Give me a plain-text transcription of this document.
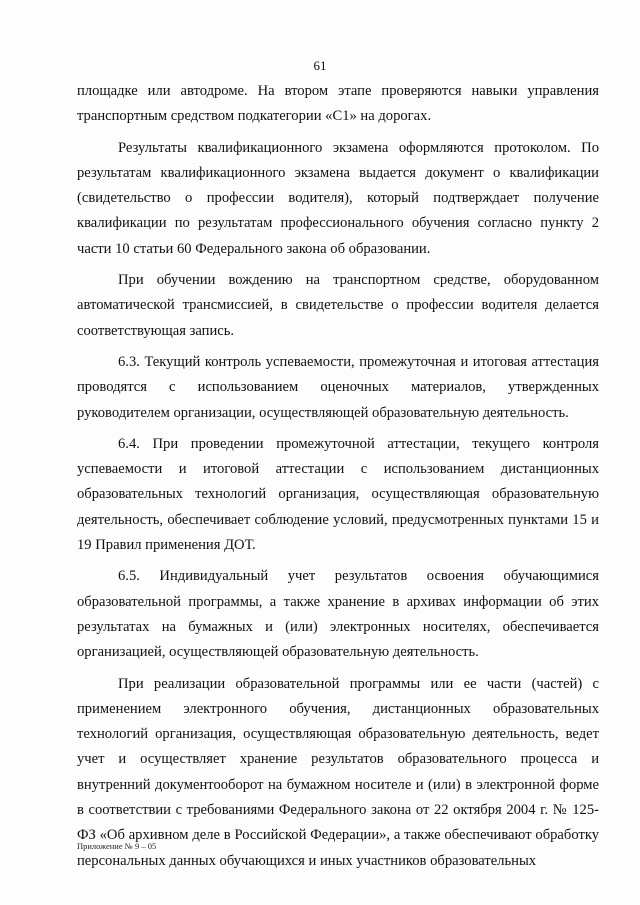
61

площадке или автодроме. На втором этапе проверяются навыки управления транспортным средством подкатегории «C1» на дорогах.

Результаты квалификационного экзамена оформляются протоколом. По результатам квалификационного экзамена выдается документ о квалификации (свидетельство о профессии водителя), который подтверждает получение квалификации по результатам профессионального обучения согласно пункту 2 части 10 статьи 60 Федерального закона об образовании.

При обучении вождению на транспортном средстве, оборудованном автоматической трансмиссией, в свидетельстве о профессии водителя делается соответствующая запись.

6.3. Текущий контроль успеваемости, промежуточная и итоговая аттестация проводятся с использованием оценочных материалов, утвержденных руководителем организации, осуществляющей образовательную деятельность.

6.4. При проведении промежуточной аттестации, текущего контроля успеваемости и итоговой аттестации с использованием дистанционных образовательных технологий организация, осуществляющая образовательную деятельность, обеспечивает соблюдение условий, предусмотренных пунктами 15 и 19 Правил применения ДОТ.

6.5. Индивидуальный учет результатов освоения обучающимися образовательной программы, а также хранение в архивах информации об этих результатах на бумажных и (или) электронных носителях, обеспечивается организацией, осуществляющей образовательную деятельность.

При реализации образовательной программы или ее части (частей) с применением электронного обучения, дистанционных образовательных технологий организация, осуществляющая образовательную деятельность, ведет учет и осуществляет хранение результатов образовательного процесса и внутренний документооборот на бумажном носителе и (или) в электронной форме в соответствии с требованиями Федерального закона от 22 октября 2004 г. № 125-ФЗ «Об архивном деле в Российской Федерации», а также обеспечивают обработку персональных данных обучающихся и иных участников образовательных

Приложение № 9 – 05
